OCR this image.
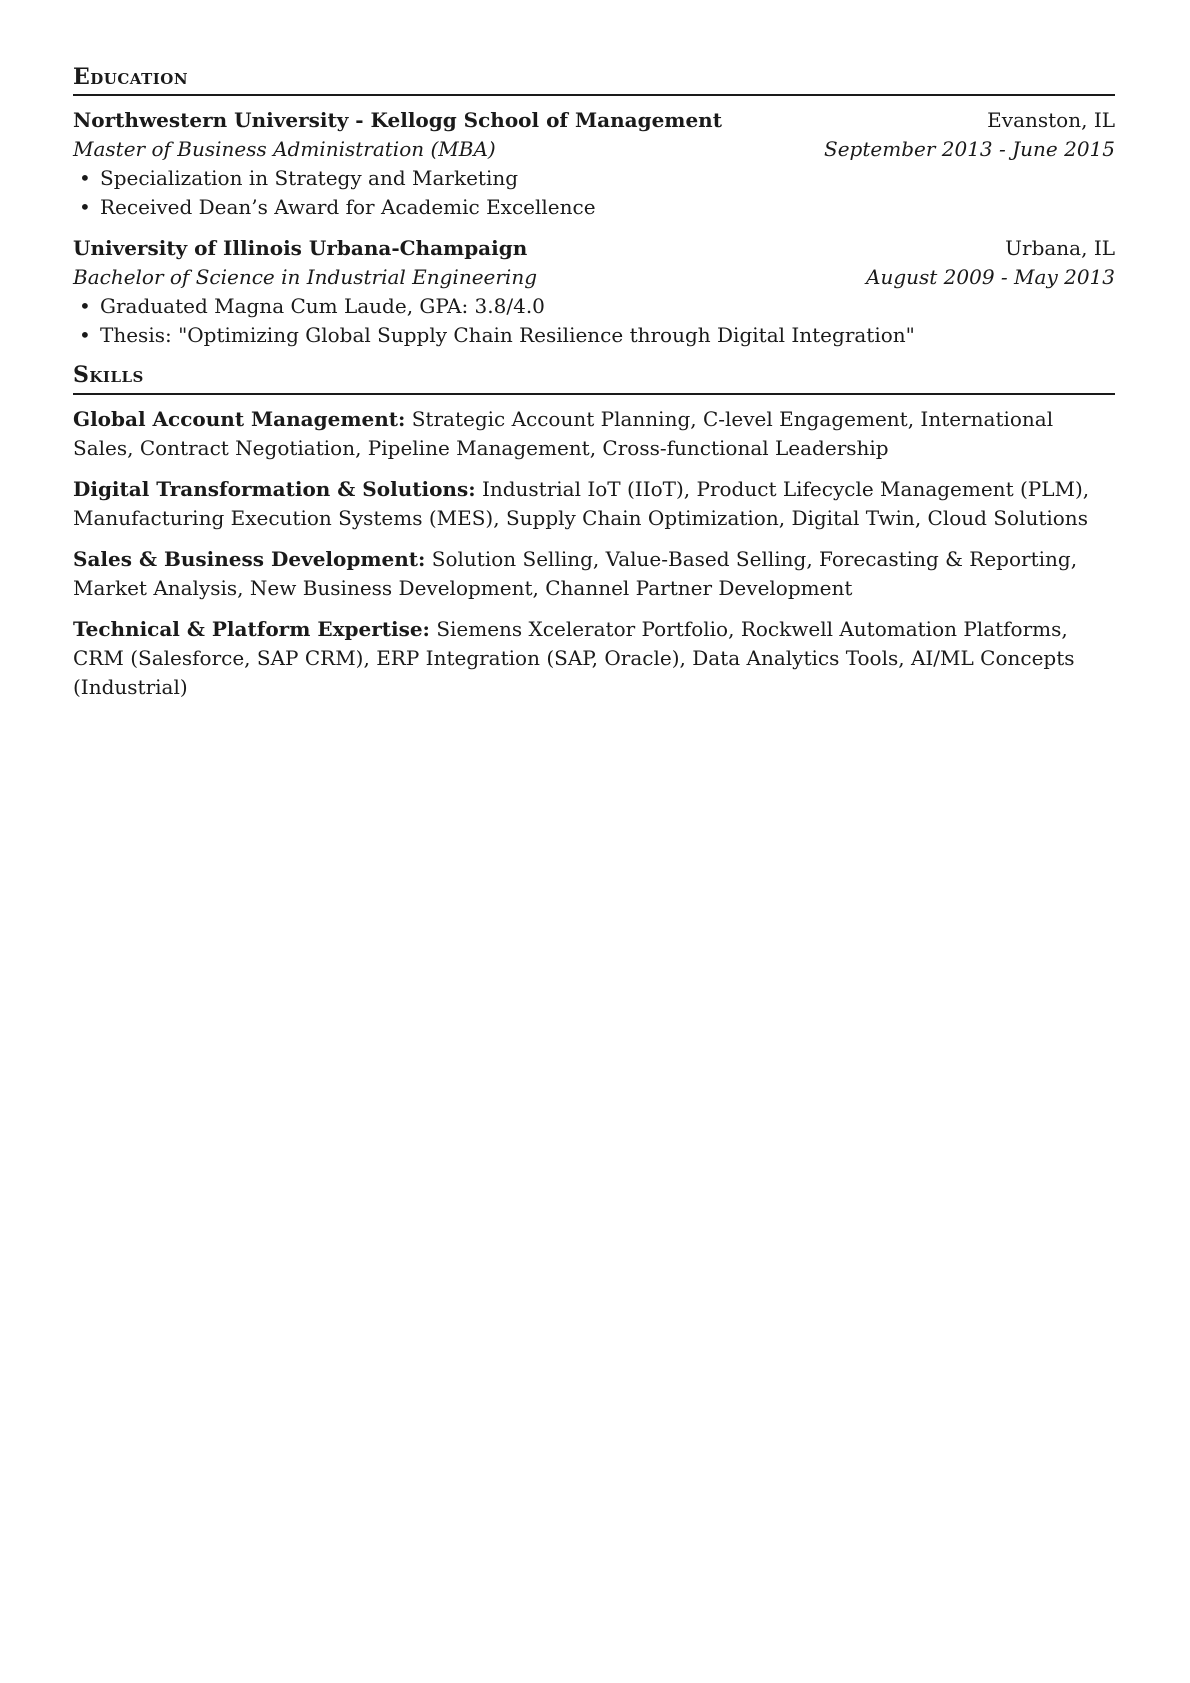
Education
Northwestern University - Kellogg School of Management	Evanston, IL
Master of Business Administration (MBA)	September 2013 - June 2015
• Specialization in Strategy and Marketing
• Received Dean’s Award for Academic Excellence
University of Illinois Urbana-Champaign	Urbana, IL
Bachelor of Science in Industrial Engineering	August 2009 - May 2013
• Graduated Magna Cum Laude, GPA: 3.8/4.0
• Thesis: "Optimizing Global Supply Chain Resilience through Digital Integration"
Skills
Global Account Management: Strategic Account Planning, C-level Engagement, International Sales, Contract Negotiation, Pipeline Management, Cross-functional Leadership
Digital Transformation & Solutions: Industrial IoT (IIoT), Product Lifecycle Management (PLM), Manufacturing Execution Systems (MES), Supply Chain Optimization, Digital Twin, Cloud Solutions
Sales & Business Development: Solution Selling, Value-Based Selling, Forecasting & Reporting, Market Analysis, New Business Development, Channel Partner Development
Technical & Platform Expertise: Siemens Xcelerator Portfolio, Rockwell Automation Platforms, CRM (Salesforce, SAP CRM), ERP Integration (SAP, Oracle), Data Analytics Tools, AI/ML Concepts (Industrial)
